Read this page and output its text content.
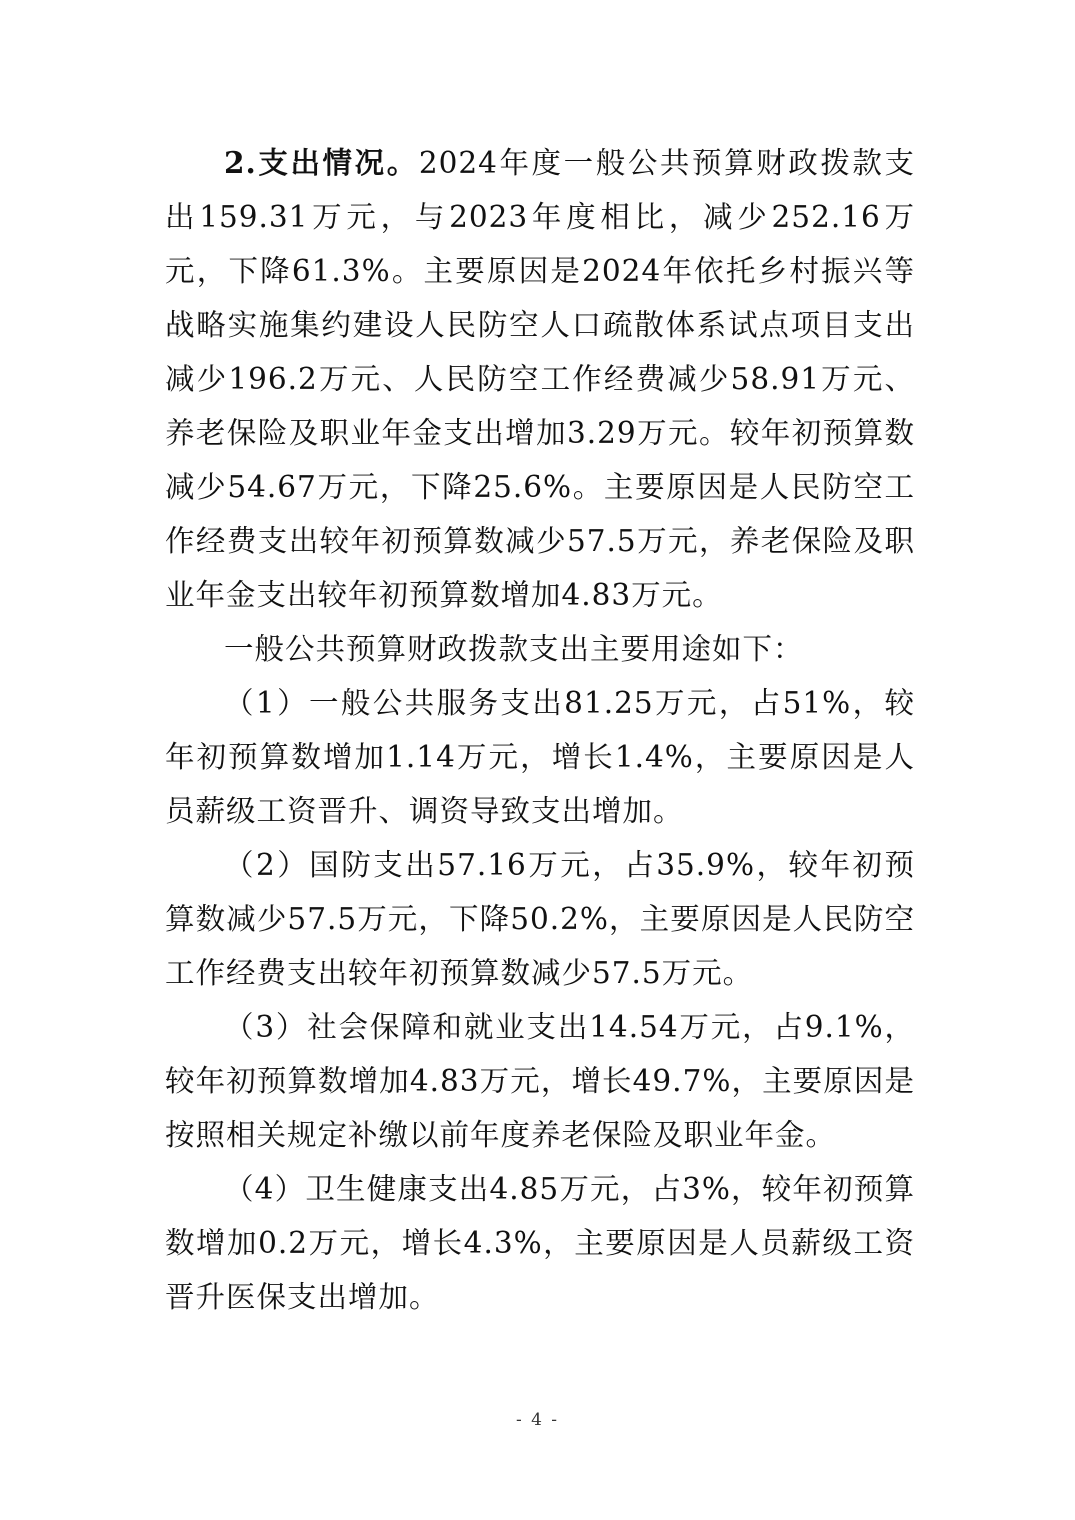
2.支出情况。2024年度一般公共预算财政拨款支出159.31万元，与2023年度相比，减少252.16万元，下降61.3%。主要原因是2024年依托乡村振兴等战略实施集约建设人民防空人口疏散体系试点项目支出减少196.2万元、人民防空工作经费减少58.91万元、养老保险及职业年金支出增加3.29万元。较年初预算数减少54.67万元，下降25.6%。主要原因是人民防空工作经费支出较年初预算数减少57.5万元，养老保险及职业年金支出较年初预算数增加4.83万元。

一般公共预算财政拨款支出主要用途如下：

（1）一般公共服务支出81.25万元，占51%，较年初预算数增加1.14万元，增长1.4%，主要原因是人员薪级工资晋升、调资导致支出增加。

（2）国防支出57.16万元，占35.9%，较年初预算数减少57.5万元，下降50.2%，主要原因是人民防空工作经费支出较年初预算数减少57.5万元。

（3）社会保障和就业支出14.54万元，占9.1%，较年初预算数增加4.83万元，增长49.7%，主要原因是按照相关规定补缴以前年度养老保险及职业年金。

（4）卫生健康支出4.85万元，占3%，较年初预算数增加0.2万元，增长4.3%，主要原因是人员薪级工资晋升医保支出增加。

- 4 -
